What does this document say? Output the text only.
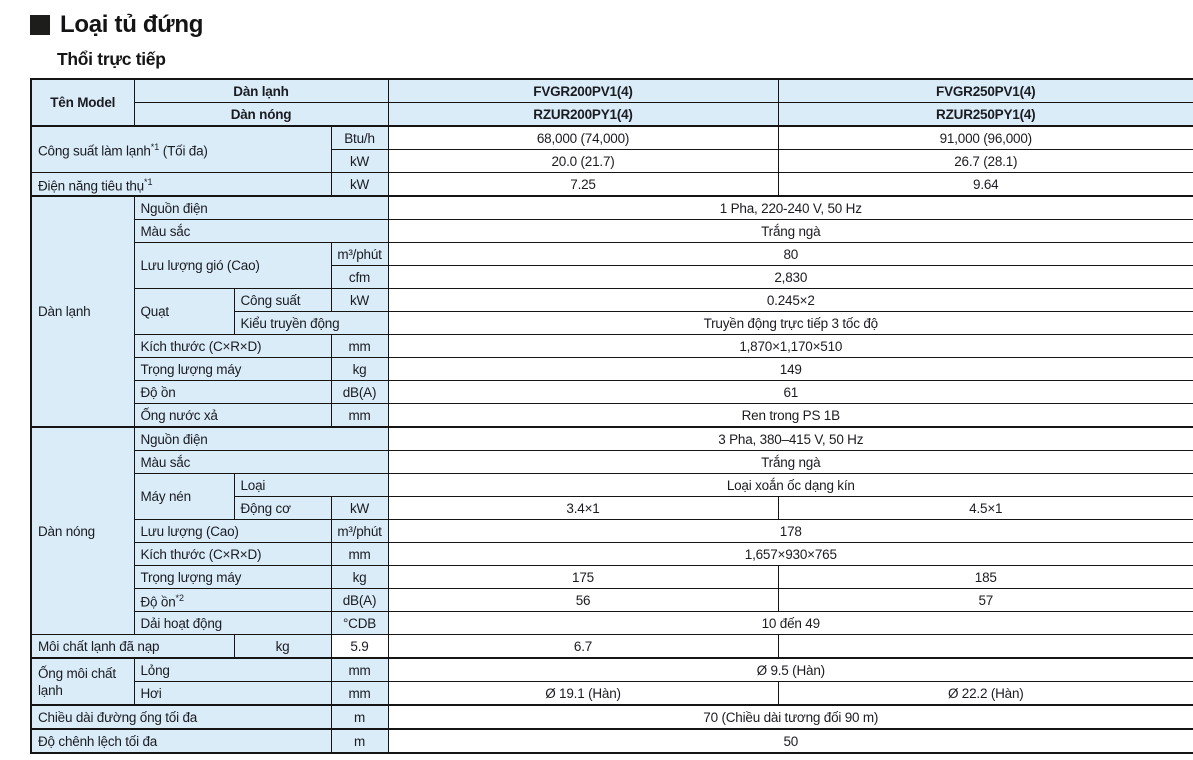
Loại tủ đứng
Thổi trực tiếp
Tên Model	Dàn lạnh			FVGR200PV1(4)	FVGR250PV1(4)
	Dàn nóng			RZUR200PY1(4)	RZUR250PY1(4)
Công suất làm lạnh$^{*1}$ (Tối đa)			Btu/h	68,000 (74,000)	91,000 (96,000)
			kW	20.0 (21.7)	26.7 (28.1)
Điện năng tiêu thụ$^{*1}$			kW	7.25	9.64
Dàn lạnh	Nguồn điện			1 Pha, 220-240 V, 50 Hz	
	Màu sắc			Trắng ngà	
	Lưu lượng gió (Cao)		m³/phút	80	
			cfm	2,830	
	Quạt	Công suất	kW	0.245×2	
		Kiểu truyền động		Truyền động trực tiếp 3 tốc độ	
	Kích thước (C×R×D)		mm	1,870×1,170×510	
	Trọng lượng máy		kg	149	
	Độ ồn		dB(A)	61	
	Ống nước xả		mm	Ren trong PS 1B	
Dàn nóng	Nguồn điện			3 Pha, 380–415 V, 50 Hz	
	Màu sắc			Trắng ngà	
	Máy nén	Loại		Loại xoắn ốc dạng kín	
		Động cơ	kW	3.4×1	4.5×1
	Lưu lượng (Cao)		m³/phút	178	
	Kích thước (C×R×D)		mm	1,657×930×765	
	Trọng lượng máy		kg	175	185
	Độ ồn$^{*2}$		dB(A)	56	57
	Dải hoạt động		°CDB	10 đến 49	
Môi chất lạnh đã nạp		kg	5.9	6.7	
Ống môi chất lạnh	Lỏng		mm	Ø 9.5 (Hàn)	
	Hơi		mm	Ø 19.1 (Hàn)	Ø 22.2 (Hàn)
Chiều dài đường ống tối đa			m	70 (Chiều dài tương đối 90 m)	
Độ chênh lệch tối đa			m	50	
